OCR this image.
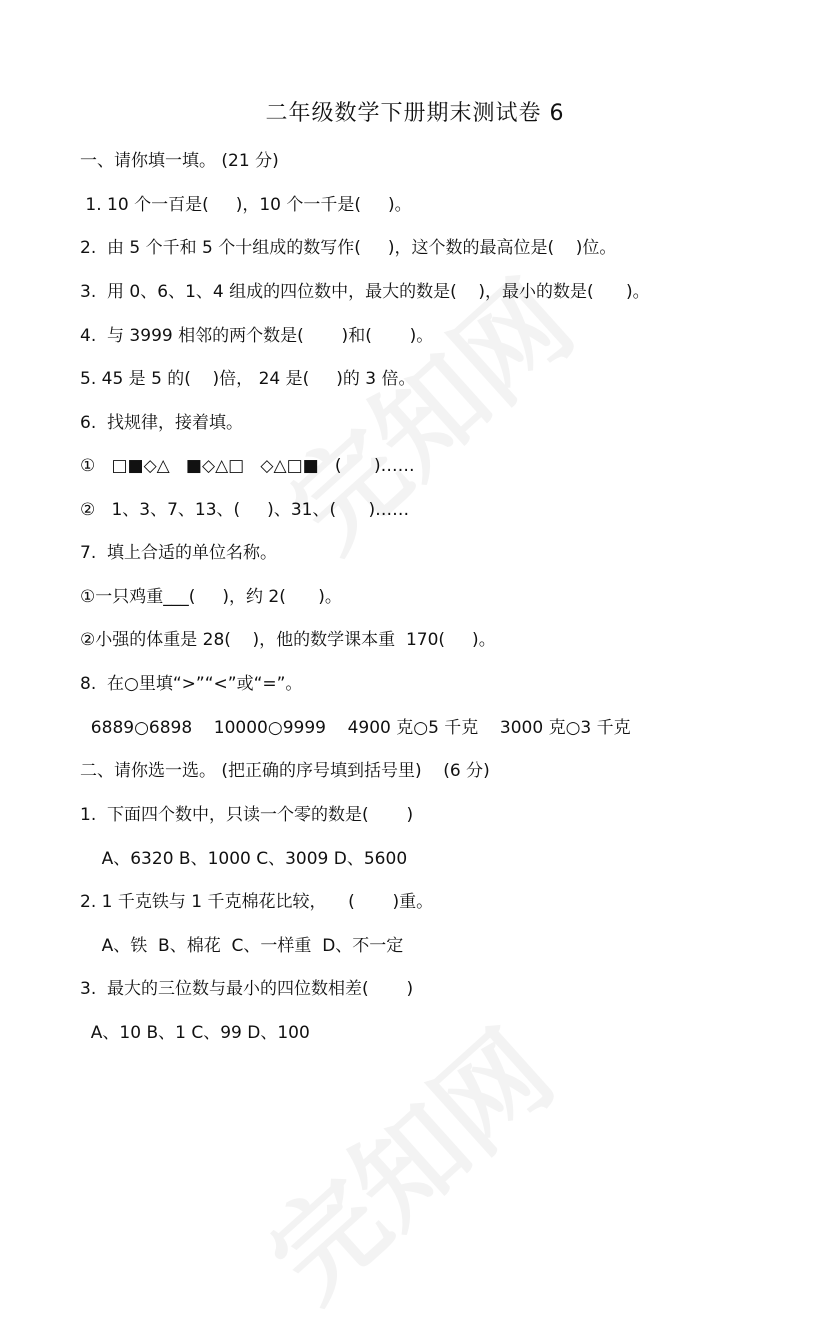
二年级数学下册期末测试卷 6
一、请你填一填。 (21 分)
1. 10 个一百是(     )，10 个一千是(     )。
2.  由 5 个千和 5 个十组成的数写作(     )，这个数的最高位是(    )位。
3.  用 0、6、1、4 组成的四位数中，最大的数是(    )，最小的数是(      )。
4.  与 3999 相邻的两个数是(       )和(       )。
5. 45 是 5 的(    )倍， 24 是(     )的 3 倍。
6.  找规律，接着填。
①   □■◇△   ■◇△□   ◇△□■   (      )……
②   1、3、7、13、(     )、31、(      )……
7.  填上合适的单位名称。
①一只鸡重___(     )，约 2(      )。
②小强的体重是 28(    )，他的数学课本重  170(     )。
8.  在○里填“>”“<”或“=”。
6889○6898    10000○9999    4900 克○5 千克    3000 克○3 千克
二、请你选一选。 (把正确的序号填到括号里)    (6 分)
1.  下面四个数中，只读一个零的数是(       )
A、6320 B、1000 C、3009 D、5600
2. 1 千克铁与 1 千克棉花比较，    (       )重。
A、铁  B、棉花  C、一样重  D、不一定
3.  最大的三位数与最小的四位数相差(       )
A、10 B、1 C、99 D、100
